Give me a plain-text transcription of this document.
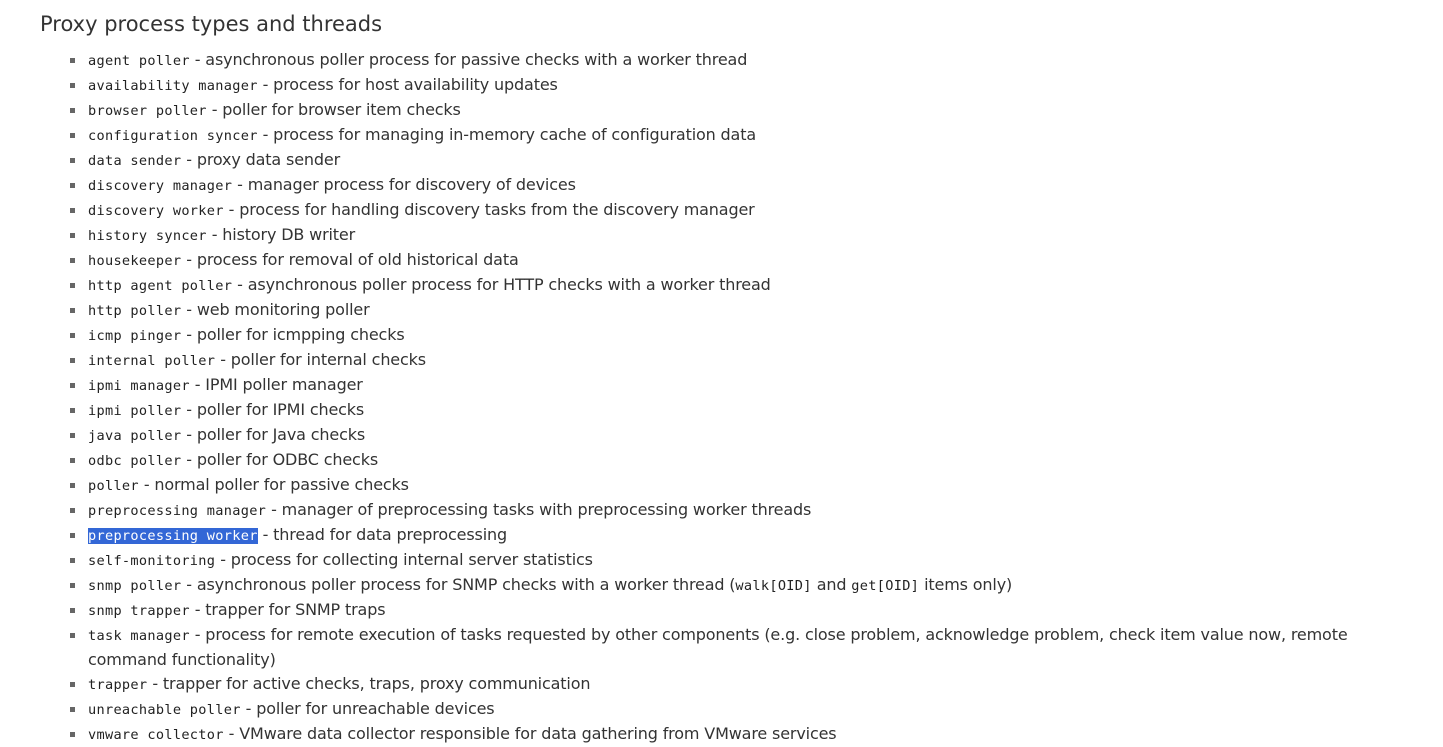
Proxy process types and threads
agent poller - asynchronous poller process for passive checks with a worker thread
availability manager - process for host availability updates
browser poller - poller for browser item checks
configuration syncer - process for managing in-memory cache of configuration data
data sender - proxy data sender
discovery manager - manager process for discovery of devices
discovery worker - process for handling discovery tasks from the discovery manager
history syncer - history DB writer
housekeeper - process for removal of old historical data
http agent poller - asynchronous poller process for HTTP checks with a worker thread
http poller - web monitoring poller
icmp pinger - poller for icmpping checks
internal poller - poller for internal checks
ipmi manager - IPMI poller manager
ipmi poller - poller for IPMI checks
java poller - poller for Java checks
odbc poller - poller for ODBC checks
poller - normal poller for passive checks
preprocessing manager - manager of preprocessing tasks with preprocessing worker threads
preprocessing worker - thread for data preprocessing
self-monitoring - process for collecting internal server statistics
snmp poller - asynchronous poller process for SNMP checks with a worker thread (walk[OID] and get[OID] items only)
snmp trapper - trapper for SNMP traps
task manager - process for remote execution of tasks requested by other components (e.g. close problem, acknowledge problem, check item value now, remote command functionality)
trapper - trapper for active checks, traps, proxy communication
unreachable poller - poller for unreachable devices
vmware collector - VMware data collector responsible for data gathering from VMware services
